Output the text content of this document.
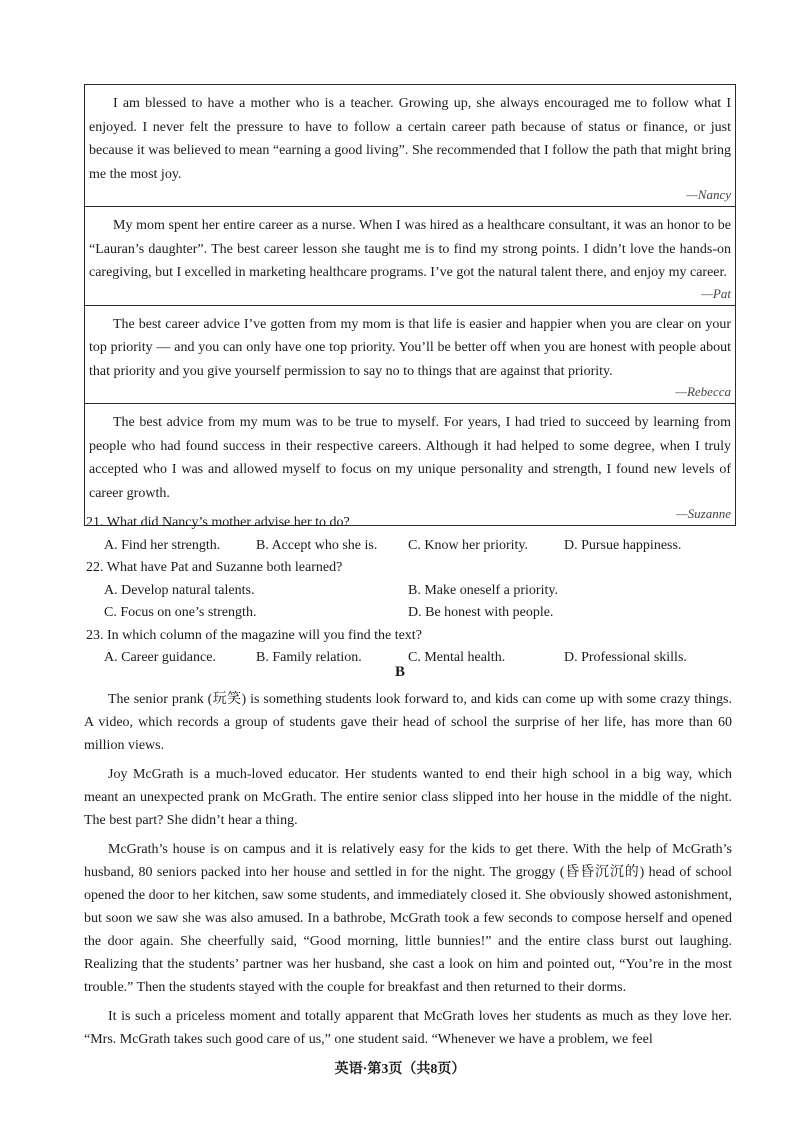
I am blessed to have a mother who is a teacher. Growing up, she always encouraged me to follow what I enjoyed. I never felt the pressure to have to follow a certain career path because of status or finance, or just because it was believed to mean “earning a good living”. She recommended that I follow the path that might bring me the most joy.

—Nancy

My mom spent her entire career as a nurse. When I was hired as a healthcare consultant, it was an honor to be “Lauran’s daughter”. The best career lesson she taught me is to find my strong points. I didn’t love the hands-on caregiving, but I excelled in marketing healthcare programs. I’ve got the natural talent there, and enjoy my career.

—Pat

The best career advice I’ve gotten from my mom is that life is easier and happier when you are clear on your top priority — and you can only have one top priority. You’ll be better off when you are honest with people about that priority and you give yourself permission to say no to things that are against that priority.

—Rebecca

The best advice from my mum was to be true to myself. For years, I had tried to succeed by learning from people who had found success in their respective careers. Although it had helped to some degree, when I truly accepted who I was and allowed myself to focus on my unique personality and strength, I found new levels of career growth.

—Suzanne
21. What did Nancy’s mother advise her to do?
A. Find her strength.	B. Accept who she is. C. Know her priority.	D. Pursue happiness.
22. What have Pat and Suzanne both learned?
A. Develop natural talents.	B. Make oneself a priority.
C. Focus on one’s strength.	D. Be honest with people.
23. In which column of the magazine will you find the text?
A. Career guidance.	B. Family relation.	C. Mental health.	D. Professional skills.
B

The senior prank (玩笑) is something students look forward to, and kids can come up with some crazy things. A video, which records a group of students gave their head of school the surprise of her life, has more than 60 million views.

Joy McGrath is a much-loved educator. Her students wanted to end their high school in a big way, which meant an unexpected prank on McGrath. The entire senior class slipped into her house in the middle of the night. The best part? She didn’t hear a thing.

McGrath’s house is on campus and it is relatively easy for the kids to get there. With the help of McGrath’s husband, 80 seniors packed into her house and settled in for the night. The groggy (昏昏沉沉的) head of school opened the door to her kitchen, saw some students, and immediately closed it. She obviously showed astonishment, but soon we saw she was also amused. In a bathrobe, McGrath took a few seconds to compose herself and opened the door again. She cheerfully said, “Good morning, little bunnies!” and the entire class burst out laughing. Realizing that the students’ partner was her husband, she cast a look on him and pointed out, “You’re in the most trouble.” Then the students stayed with the couple for breakfast and then returned to their dorms.

It is such a priceless moment and totally apparent that McGrath loves her students as much as they love her. “Mrs. McGrath takes such good care of us,” one student said. “Whenever we have a problem, we feel

英语·第3页（共8页）
